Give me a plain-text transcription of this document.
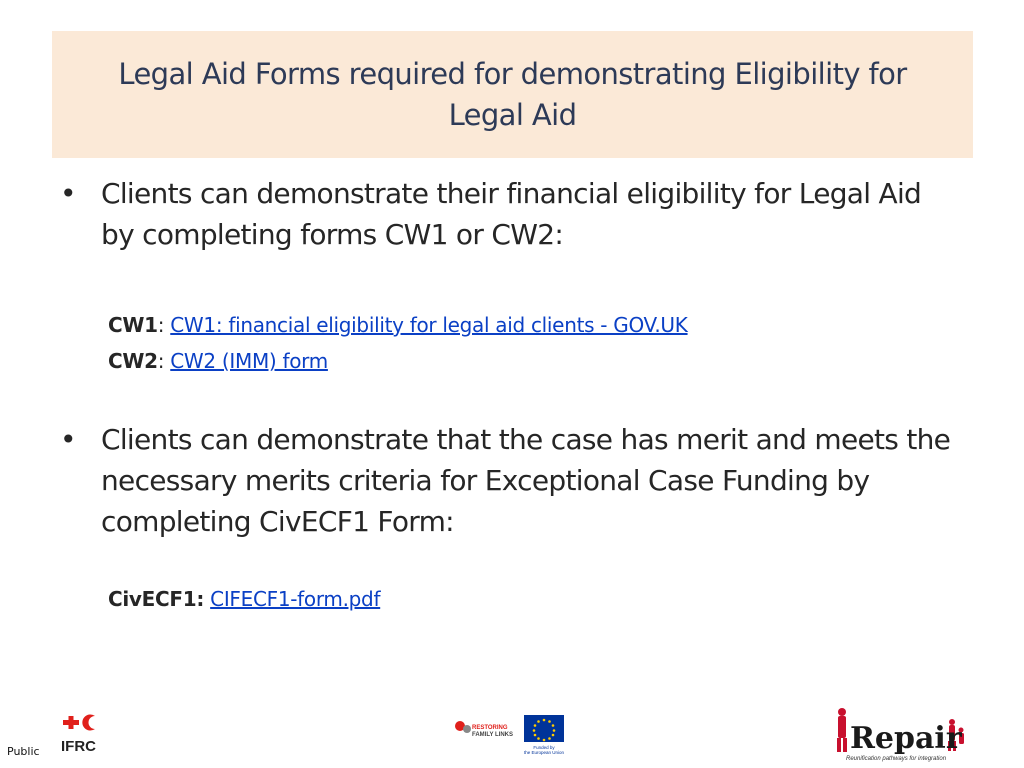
Legal Aid Forms required for demonstrating Eligibility for Legal Aid
• Clients can demonstrate their financial eligibility for Legal Aid by completing forms CW1 or CW2:
CW1: CW1: financial eligibility for legal aid clients - GOV.UK
CW2: CW2 (IMM) form
• Clients can demonstrate that the case has merit and meets the necessary merits criteria for Exceptional Case Funding by completing CivECF1 Form:
CivECF1: CIFECF1-form.pdf
Public IFRC
RESTORING
FAMILY LINKS
Funded by
the European Union	Repair
Reunification pathways for integration
